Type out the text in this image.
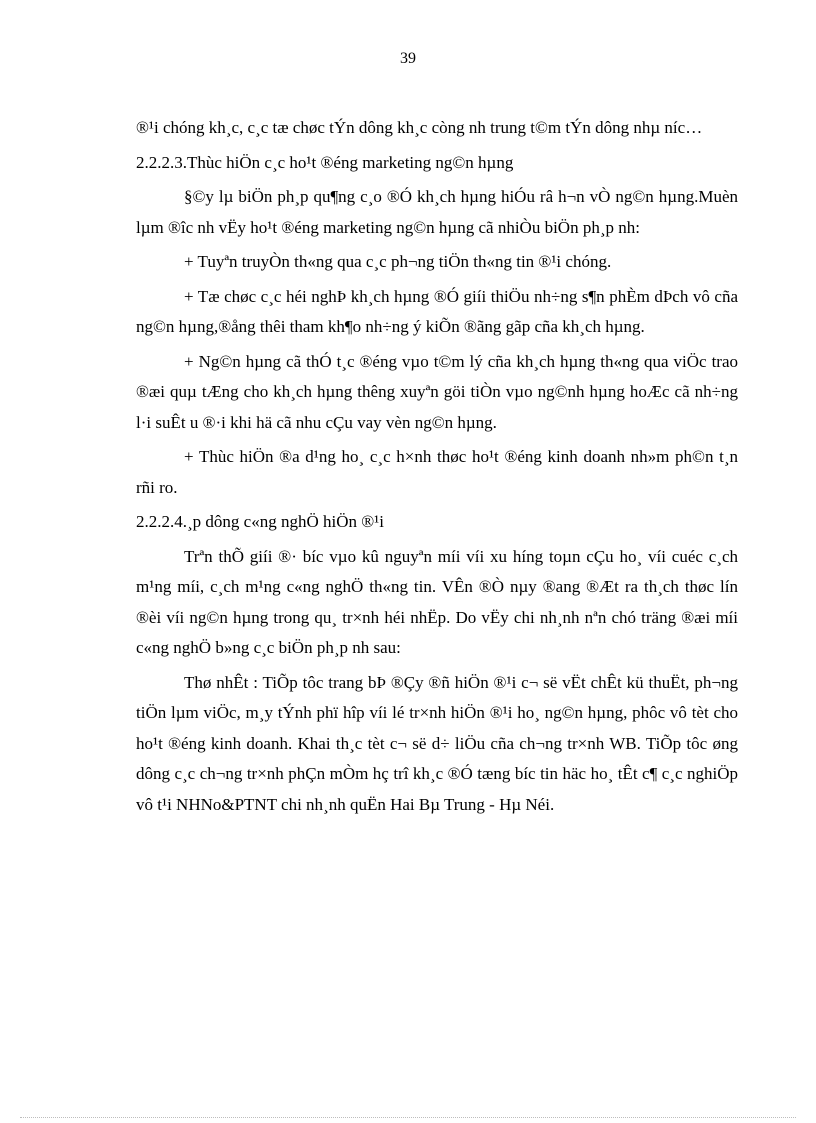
39

®¹i chóng kh¸c, c¸c tæ chøc tÝn dông kh¸c còng nh trung t©m tÝn dông nhµ níc…

2.2.2.3.Thùc hiÖn c¸c ho¹t ®éng marketing ng©n hµng

§©y lµ biÖn ph¸p qu¶ng c¸o ®Ó kh¸ch hµng hiÓu râ h¬n vÒ ng©n hµng.Muèn lµm ®îc nh vËy ho¹t ®éng marketing ng©n hµng cã nhiÒu biÖn ph¸p nh:

+ Tuyªn truyÒn th«ng qua c¸c ph¬ng tiÖn th«ng tin ®¹i chóng.

+ Tæ chøc c¸c héi nghÞ kh¸ch hµng ®Ó giíi thiÖu nh÷ng s¶n phÈm dÞch vô cña ng©n hµng,®ång thêi tham kh¶o nh÷ng ý kiÕn ®ãng gãp cña kh¸ch hµng.

+ Ng©n hµng cã thÓ t¸c ®éng vµo t©m lý cña kh¸ch hµng th«ng qua viÖc trao ®æi quµ tÆng cho kh¸ch hµng thêng xuyªn göi tiÒn vµo ng©nh hµng hoÆc cã nh÷ng l·i suÊt u ®·i khi hä cã nhu cÇu vay vèn ng©n hµng.

+ Thùc hiÖn ®a d¹ng ho¸ c¸c h×nh thøc ho¹t ®éng kinh doanh nh»m ph©n t¸n rñi ro.

2.2.2.4.¸p dông c«ng nghÖ hiÖn ®¹i

Trªn thÕ giíi ®· bíc vµo kû nguyªn míi víi xu híng toµn cÇu ho¸ víi cuéc c¸ch m¹ng míi, c¸ch m¹ng c«ng nghÖ th«ng tin. VÊn ®Ò nµy ®ang ®Æt ra th¸ch thøc lín ®èi víi ng©n hµng trong qu¸ tr×nh héi nhËp. Do vËy chi nh¸nh nªn chó träng ®æi míi c«ng nghÖ b»ng c¸c biÖn ph¸p nh sau:

Thø nhÊt : TiÕp tôc trang bÞ ®Çy ®ñ hiÖn ®¹i c¬ së vËt chÊt kü thuËt, ph¬ng tiÖn lµm viÖc, m¸y tÝnh phï hîp víi lé tr×nh hiÖn ®¹i ho¸ ng©n hµng, phôc vô tèt cho ho¹t ®éng kinh doanh. Khai th¸c tèt c¬ së d÷ liÖu cña ch¬ng tr×nh WB. TiÕp tôc øng dông c¸c ch¬ng tr×nh phÇn mÒm hç trî kh¸c ®Ó tæng bíc tin häc ho¸ tÊt c¶ c¸c nghiÖp vô t¹i NHNo&PTNT chi nh¸nh quËn Hai Bµ Trung - Hµ Néi.
